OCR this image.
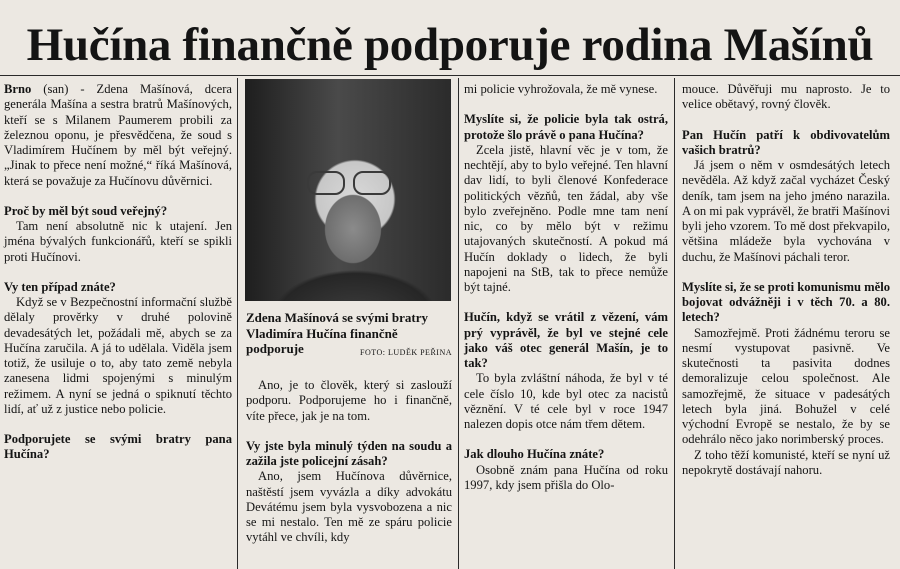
Hučína finančně podporuje rodina Mašínů

Brno (san) - Zdena Mašínová, dcera generála Mašína a sestra bratrů Mašínových, kteří se s Milanem Paumerem probili za železnou oponu, je přesvědčena, že soud s Vladimírem Hučínem by měl být veřejný. „Jinak to přece není možné,“ říká Mašínová, která se považuje za Hučínovu důvěrnici.

Proč by měl být soud veřejný?

Tam není absolutně nic k utajení. Jen jména bývalých funkcionářů, kteří se spikli proti Hučínovi.

Vy ten případ znáte?

Když se v Bezpečnostní informační službě dělaly prověrky v druhé polovině devadesátých let, požádali mě, abych se za Hučína zaručila. A já to udělala. Viděla jsem totiž, že usiluje o to, aby tato země nebyla zanesena lidmi spojenými s minulým režimem. A nyní se jedná o spiknutí těchto lidí, ať už z justice nebo policie.

Podporujete se svými bratry pana Hučína?

Zdena Mašínová se svými bratry Vladimíra Hučína finančně podporuje	FOTO: LUDĚK PEŘINA

Ano, je to člověk, který si zaslouží podporu. Podporujeme ho i finančně, víte přece, jak je na tom.

Vy jste byla minulý týden na soudu a zažila jste policejní zásah?

Ano, jsem Hučínova důvěrnice, naštěstí jsem vyvázla a díky advokátu Devátému jsem byla vysvobozena a nic se mi nestalo. Ten mě ze spáru policie vytáhl ve chvíli, kdy

mi policie vyhrožovala, že mě vynese.

Myslíte si, že policie byla tak ostrá, protože šlo právě o pana Hučína?

Zcela jistě, hlavní věc je v tom, že nechtějí, aby to bylo veřejné. Ten hlavní dav lidí, to byli členové Konfederace politických vězňů, ten žádal, aby vše bylo zveřejněno. Podle mne tam není nic, co by mělo být v režimu utajovaných skutečností. A pokud má Hučín doklady o lidech, že byli napojeni na StB, tak to přece nemůže být tajné.

Hučín, když se vrátil z vězení, vám prý vyprávěl, že byl ve stejné cele jako váš otec generál Mašín, je to tak?

To byla zvláštní náhoda, že byl v té cele číslo 10, kde byl otec za nacistů věznění. V té cele byl v roce 1947 nalezen dopis otce nám třem dětem.

Jak dlouho Hučína znáte?

Osobně znám pana Hučína od roku 1997, kdy jsem přišla do Olo-

mouce. Důvěřuji mu naprosto. Je to velice obětavý, rovný člověk.

Pan Hučín patří k obdivovatelům vašich bratrů?

Já jsem o něm v osmdesátých letech nevěděla. Až když začal vycházet Český deník, tam jsem na jeho jméno narazila. A on mi pak vyprávěl, že bratři Mašínovi byli jeho vzorem. To mě dost překvapilo, většina mládeže byla vychována v duchu, že Mašínovi páchali teror.

Myslíte si, že se proti komunismu mělo bojovat odvážněji i v těch 70. a 80. letech?

Samozřejmě. Proti žádnému teroru se nesmí vystupovat pasivně. Ve skutečnosti ta pasivita dodnes demoralizuje celou společnost. Ale samozřejmě, že situace v padesátých letech byla jiná. Bohužel v celé východní Evropě se nestalo, že by se odehrálo něco jako norimberský proces.

Z toho těží komunisté, kteří se nyní už nepokrytě dostávají nahoru.
